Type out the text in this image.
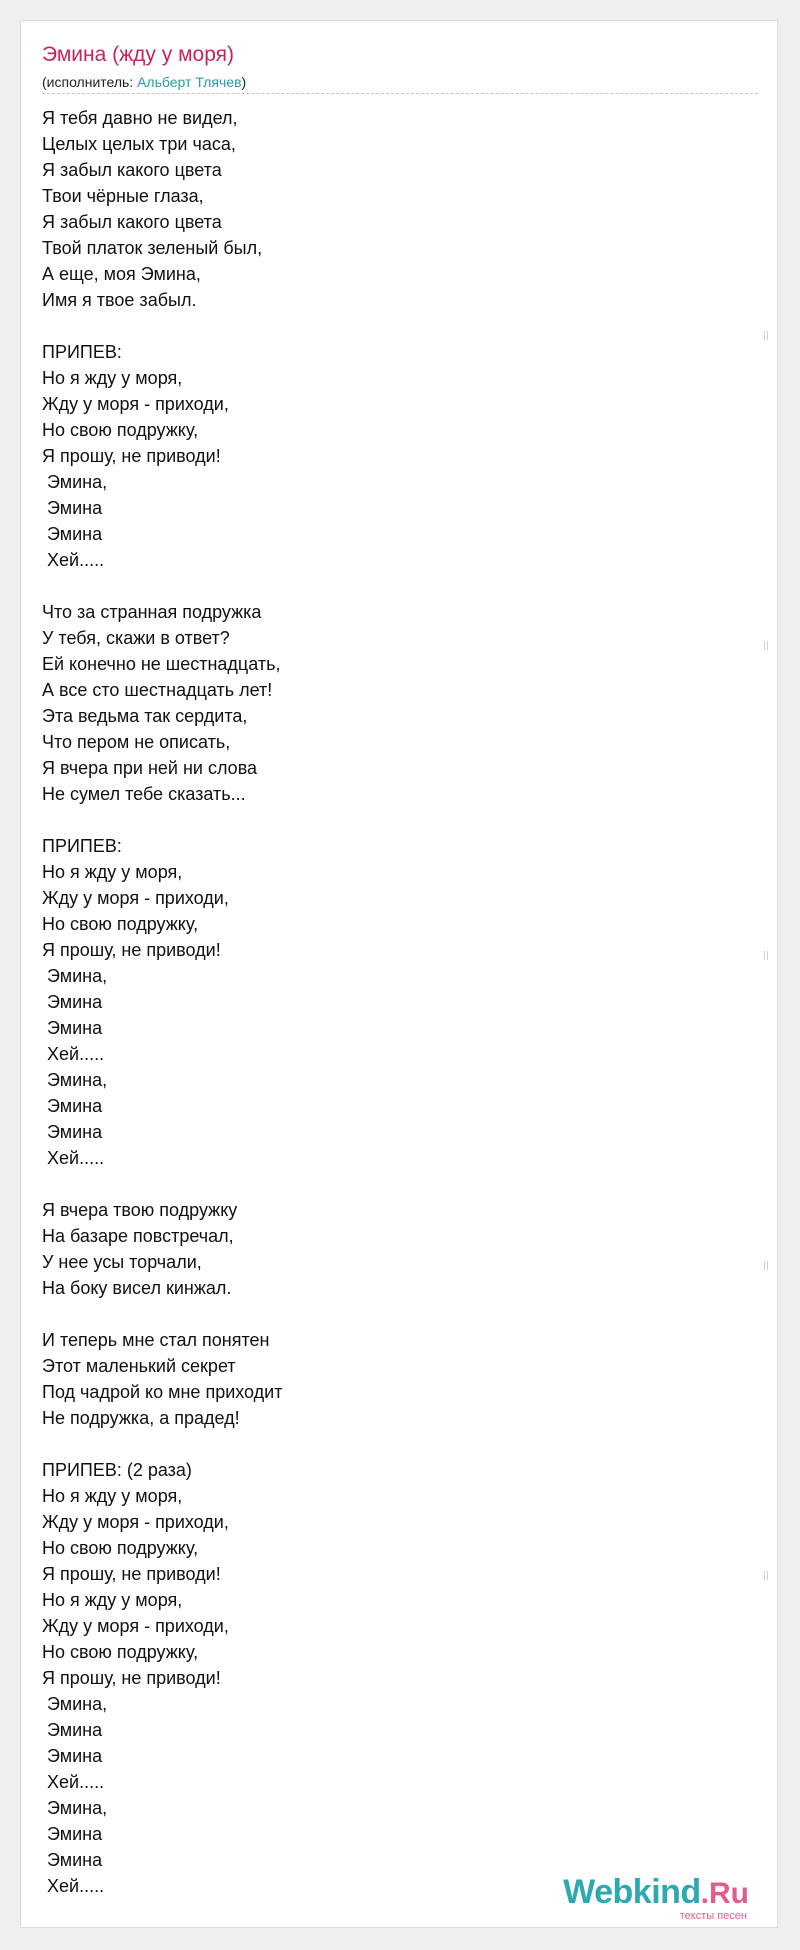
Эмина (жду у моря)
(исполнитель: Альберт Тлячев)
Я тебя давно не видел,
Целых целых три часа,
Я забыл какого цвета
Твои чёрные глаза,
Я забыл какого цвета
Твой платок зеленый был,
А еще, моя Эмина,
Имя я твое забыл.
ПРИПЕВ:
Но я жду у моря,
Жду у моря - приходи,
Но свою подружку,
Я прошу, не приводи!
Эмина,
Эмина
Эмина
Хей.....
Что за странная подружка
У тебя, скажи в ответ?
Ей конечно не шестнадцать,
А все сто шестнадцать лет!
Эта ведьма так сердита,
Что пером не описать,
Я вчера при ней ни слова
Не сумел тебе сказать...
ПРИПЕВ:
Но я жду у моря,
Жду у моря - приходи,
Но свою подружку,
Я прошу, не приводи!
Эмина,
Эмина
Эмина
Хей.....
Эмина,
Эмина
Эмина
Хей.....
Я вчера твою подружку
На базаре повстречал,
У нее усы торчали,
На боку висел кинжал.
И теперь мне стал понятен
Этот маленький секрет
Под чадрой ко мне приходит
Не подружка, а прадед!
ПРИПЕВ: (2 раза)
Но я жду у моря,
Жду у моря - приходи,
Но свою подружку,
Я прошу, не приводи!
Но я жду у моря,
Жду у моря - приходи,
Но свою подружку,
Я прошу, не приводи!
Эмина,
Эмина
Эмина
Хей.....
Эмина,
Эмина
Эмина
Хей.....	Webkind.Ru
тексты песен
